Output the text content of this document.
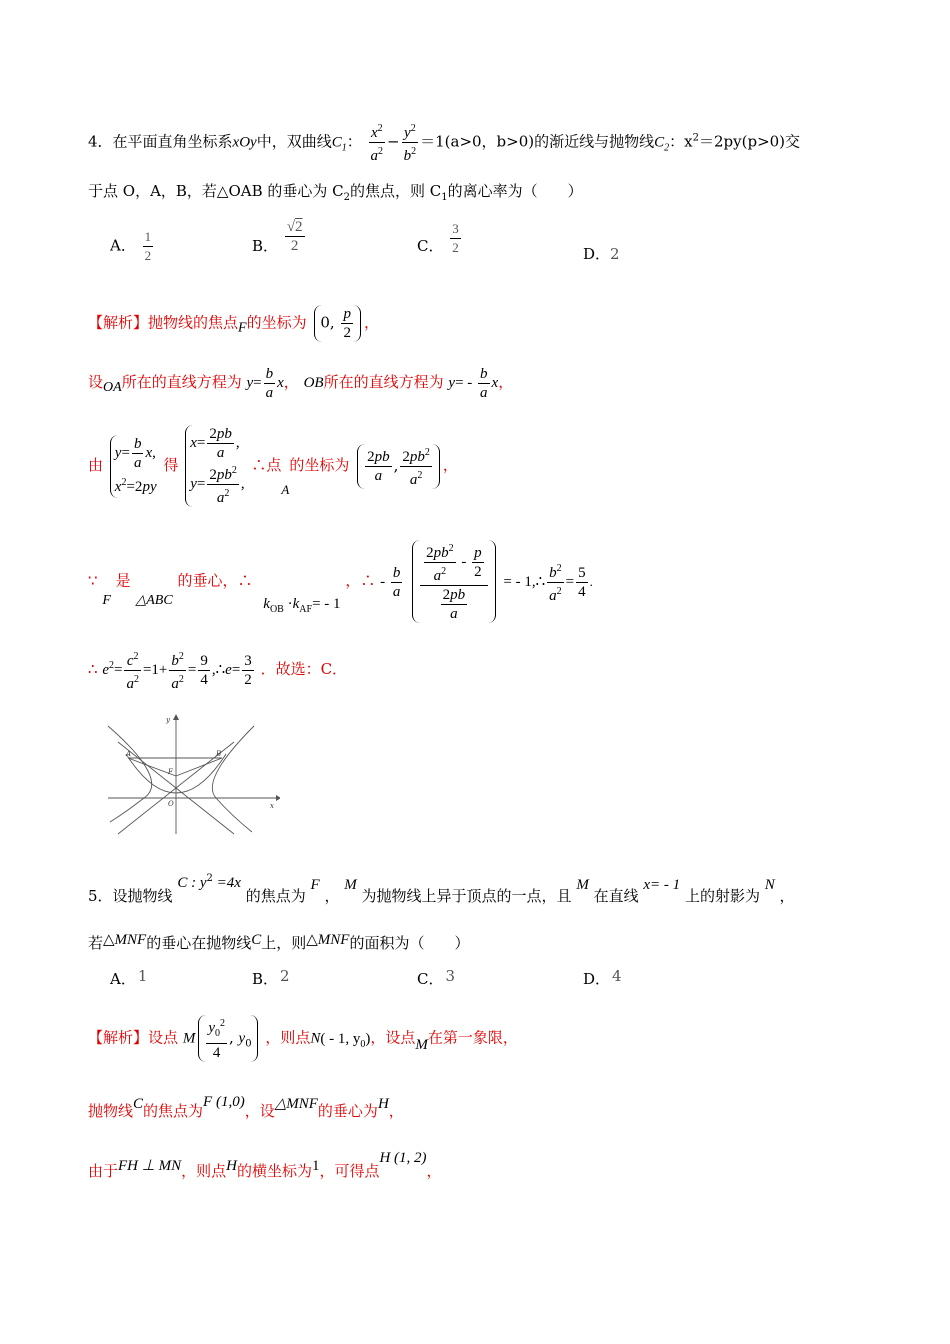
4．在平面直角坐标系xOy中，双曲线$C_1$： $\frac{x^2}{a^2} - \frac{y^2}{b^2} =1(a>0$，b>0)的渐近线与抛物线$C_2$：$x^2=2py(p>0)$交
于点 O，A，B，若△OAB 的垂心为 $C_2$的焦点，则 $C_1$的离心率为（　　）
A． $\frac{1}{2}$	B． $\frac{√2}{2}$	C． $\frac{3}{2}$	D．2
【解析】抛物线的焦点$_F$的坐标为 0, $\frac{p}{2}$ ，
设$_{OA}$所在的直线方程为 $y= \frac{b}{a}$ x， OB所在的直线方程为 $y= - \frac{b}{a}$ x，
由
$y= \frac{b}{a} x$,
$x^2=2py$
得
$x= \frac{2pb}{a}$ ,
$y= \frac{2pb^2}{a^2}$ ,
∴点$_A$的坐标为 $\frac{2pb}{a}$ , $\frac{2pb^2}{a^2}$ ，
∵ $_F$ 是 $_{\triangle ABC}$ 的垂心，∴ $k_{OB} \cdot k_{AF}= - 1$ ，∴ - $\frac{b}{a}$
$\frac{\frac{2pb^2}{a^2} - \frac{p}{2}}{\frac{2pb}{a}}$ = - 1,∴ $\frac{b^2}{a^2} = \frac{5}{4}$ .
∴ $e^2= \frac{c^2}{a^2} =1+ \frac{b^2}{a^2} = \frac{9}{4}$ ,∴e= $\frac{3}{2}$ ．故选：C．
y
x
A	B
F
O
5．设抛物线 C : $y^2 =4x$ 的焦点为 F ， M 为抛物线上异于顶点的一点，且 M 在直线 x= - 1 上的射影为 N ，
若△MNF的垂心在抛物线C上，则△MNF的面积为（　　）
A． 1	B． 2	C． 3	D． 4
【解析】设点 M $\frac{y_0^2}{4}$ , $y_0$ ，则点N( - 1, $y_0$)，设点M在第一象限，
抛物线C的焦点为F (1,0)，设△MNF的垂心为H，
由于FH ⊥ MN，则点H的横坐标为1，可得点H (1, 2)，
